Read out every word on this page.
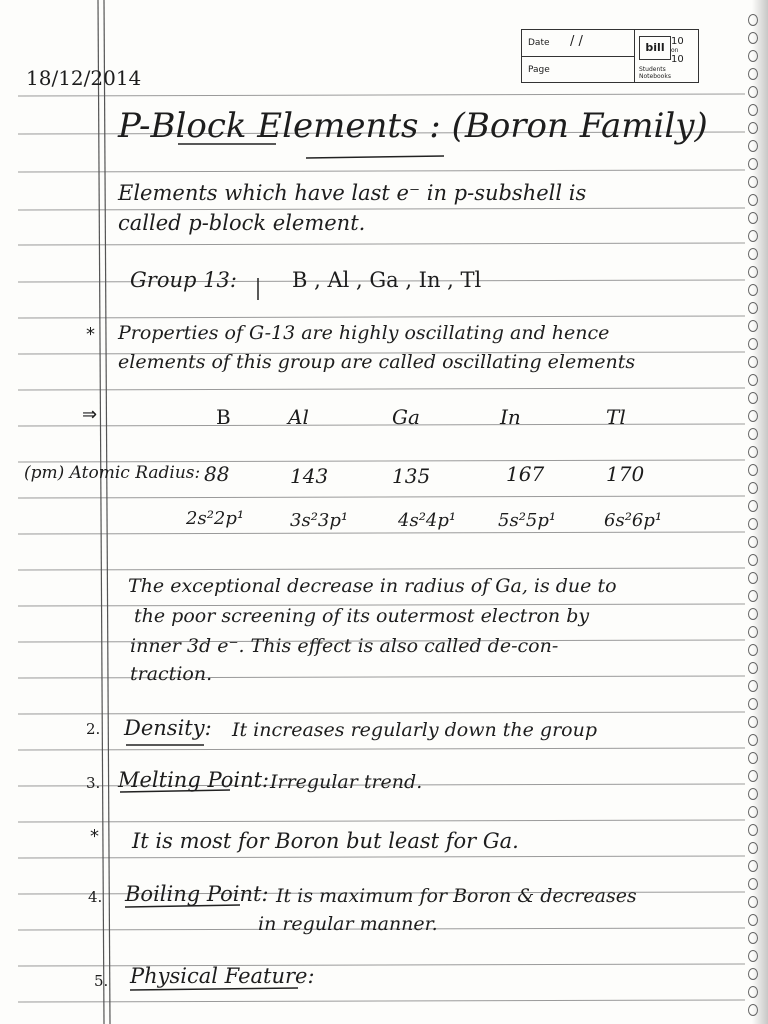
Date / /
Page
bill 10
on
10
Students Notebooks
18/12/2014
P-Block Elements : (Boron Family)
Elements which have last e⁻ in p-subshell is
called p-block element.
Group 13:	B , Al , Ga , In , Tl
* Properties of G-13 are highly oscillating and hence
elements of this group are called oscillating elements
⇒	B	Al	Ga	In	Tl
(pm) Atomic Radius: 88	143	135	167	170
2s²2p¹	3s²3p¹	4s²4p¹ 5s²5p¹	6s²6p¹
The exceptional decrease in radius of Ga, is due to
the poor screening of its outermost electron by
inner 3d e⁻. This effect is also called de-con-
traction.
2. Density: It increases regularly down the group
3. Melting Point: Irregular trend.
* It is most for Boron but least for Ga.
4. Boiling Point: It is maximum for Boron & decreases
in regular manner.
5. Physical Feature:
